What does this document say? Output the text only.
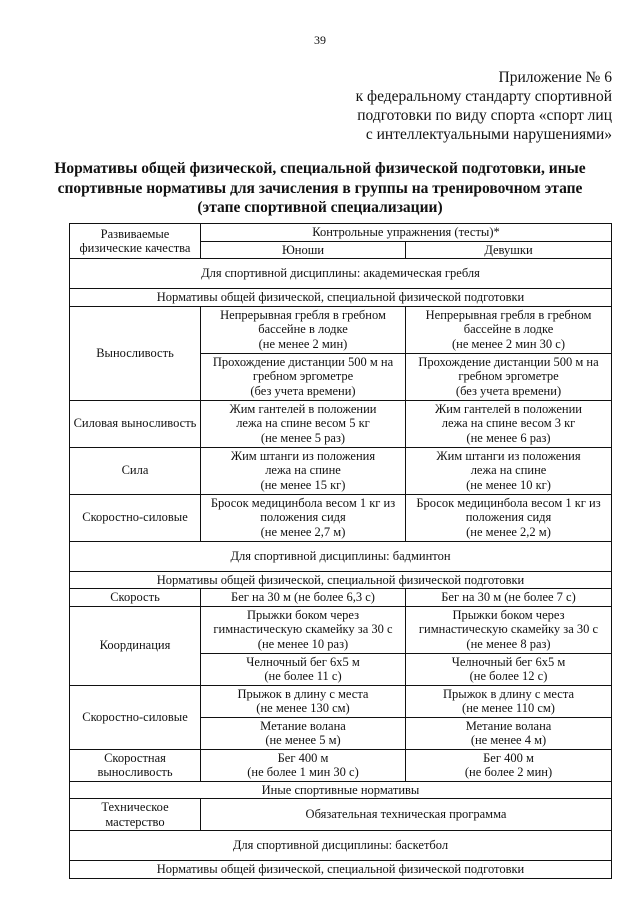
39
Приложение № 6
к федеральному стандарту спортивной
подготовки по виду спорта «спорт лиц
с интеллектуальными нарушениями»
Нормативы общей физической, специальной физической подготовки, иные
спортивные нормативы для зачисления в группы на тренировочном этапе
(этапе спортивной специализации)
Развиваемые
физические качества	Контрольные упражнения (тесты)*	
	Юноши	Девушки
Для спортивной дисциплины: академическая гребля		
Нормативы общей физической, специальной физической подготовки		
Выносливость	Непрерывная гребля в гребном
бассейне в лодке
(не менее 2 мин)	Непрерывная гребля в гребном
бассейне в лодке
(не менее 2 мин 30 с)
	Прохождение дистанции 500 м на
гребном эргометре
(без учета времени)	Прохождение дистанции 500 м на
гребном эргометре
(без учета времени)
Силовая выносливость	Жим гантелей в положении
лежа на спине весом 5 кг
(не менее 5 раз)	Жим гантелей в положении
лежа на спине весом 3 кг
(не менее 6 раз)
Сила	Жим штанги из положения
лежа на спине
(не менее 15 кг)	Жим штанги из положения
лежа на спине
(не менее 10 кг)
Скоростно-силовые	Бросок медицинбола весом 1 кг из
положения сидя
(не менее 2,7 м)	Бросок медицинбола весом 1 кг из
положения сидя
(не менее 2,2 м)
Для спортивной дисциплины: бадминтон		
Нормативы общей физической, специальной физической подготовки		
Скорость	Бег на 30 м (не более 6,3 с)	Бег на 30 м (не более 7 с)
Координация	Прыжки боком через
гимнастическую скамейку за 30 с
(не менее 10 раз)	Прыжки боком через
гимнастическую скамейку за 30 с
(не менее 8 раз)
	Челночный бег 6х5 м
(не более 11 с)	Челночный бег 6х5 м
(не более 12 с)
Скоростно-силовые	Прыжок в длину с места
(не менее 130 см)	Прыжок в длину с места
(не менее 110 см)
	Метание волана
(не менее 5 м)	Метание волана
(не менее 4 м)
Скоростная
выносливость	Бег 400 м
(не более 1 мин 30 с)	Бег 400 м
(не более 2 мин)
Иные спортивные нормативы		
Техническое
мастерство	Обязательная техническая программа	
Для спортивной дисциплины: баскетбол		
Нормативы общей физической, специальной физической подготовки		
